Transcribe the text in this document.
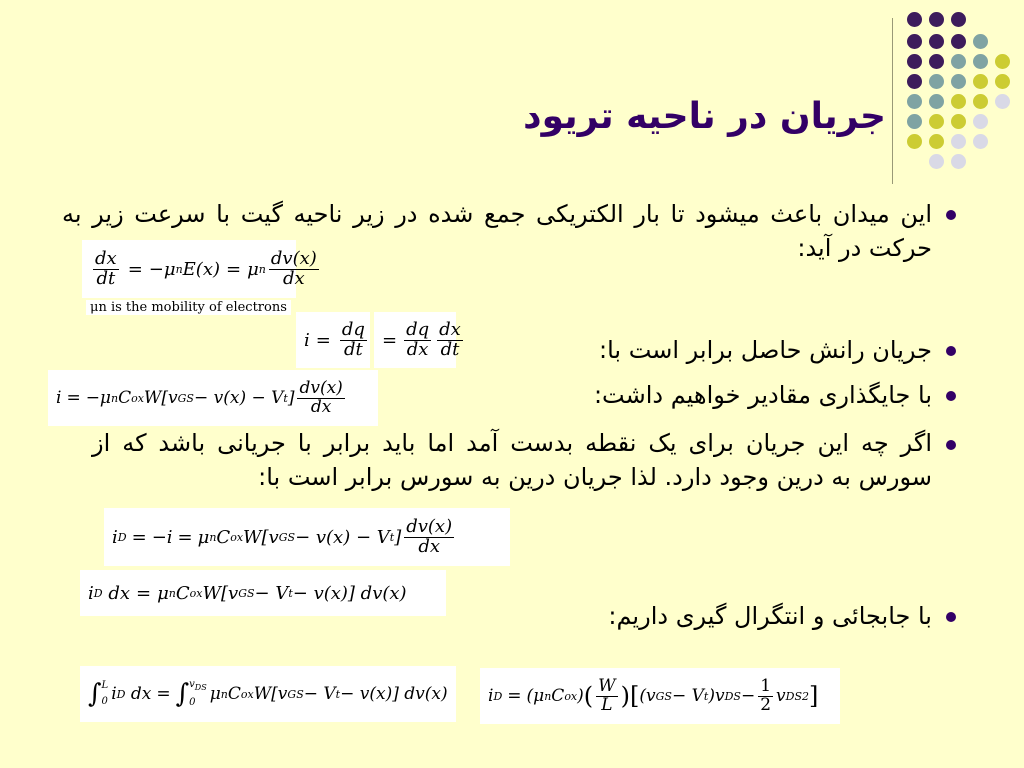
جریان در ناحیه تریود
این میدان باعث میشود تا بار الکتریکی جمع شده در زیر ناحیه گیت با سرعت زیر به حرکت در آید:
$\frac{dx}{dt} = -\mu$ n E(x) = μ n $\frac{dv(x)}{dx}$
μn is the mobility of electrons
$i = \frac{dq}{dt} = \frac{dq}{dx} \frac{dx}{dt}$	جریان رانش حاصل برابر است با:
i = −μ n C ox W[v GS − v(x) − V t ] $\frac{dv(x)}{dx}$	با جایگذاری مقادیر خواهیم داشت:
اگر چه این جریان برای یک نقطه بدست آمد اما باید برابر با جریانی باشد که از سورس به درین وجود دارد. لذا جریان درین به سورس برابر است با:
i D = −i = μ n C ox W[v GS − v(x) − V t ] $\frac{dv(x)}{dx}$
i D dx = μ n C ox W[v GS − V t − v(x)] dv(x)
با جابجائی و انتگرال گیری داریم:
∫ L
0 i D dx = ∫ $v_{DS}$
0 μ n C ox W[v GS − V t − v(x)] dv(x)	i D = (μ n C ox ) ( $\frac{W}{L}$ ) [ (v GS − V t )v DS − $\frac{1}{2}$ v DS 2 ]
